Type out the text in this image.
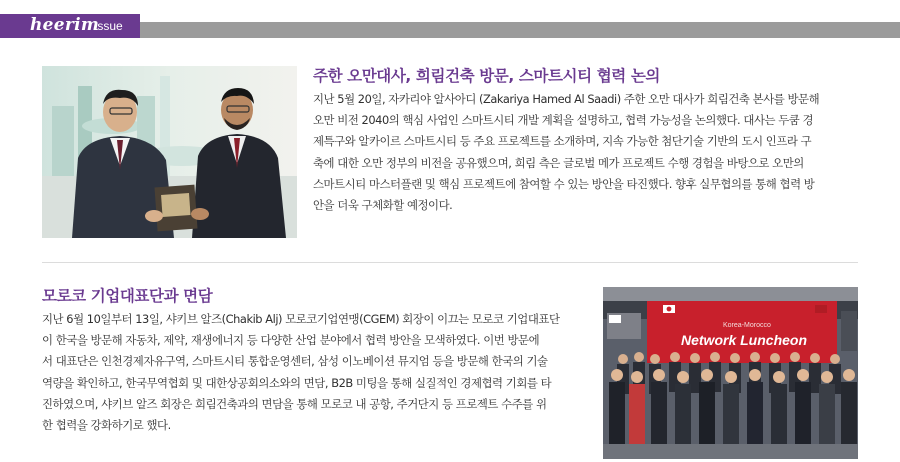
heerim
Issue
주한 오만대사, 희림건축 방문, 스마트시티 협력 논의
지난 5월 20일, 자카리야 알사아디 (Zakariya Hamed Al Saadi) 주한 오만 대사가 희림건축 본사를 방문해
오만 비전 2040의 핵심 사업인 스마트시티 개발 계획을 설명하고, 협력 가능성을 논의했다. 대사는 두쿰 경
제특구와 알카이르 스마트시티 등 주요 프로젝트를 소개하며, 지속 가능한 첨단기술 기반의 도시 인프라 구
축에 대한 오만 정부의 비전을 공유했으며, 희림 측은 글로벌 메가 프로젝트 수행 경험을 바탕으로 오만의
스마트시티 마스터플랜 및 핵심 프로젝트에 참여할 수 있는 방안을 타진했다. 향후 실무협의를 통해 협력 방
안을 더욱 구체화할 예정이다.
모로코 기업대표단과 면담
지난 6월 10일부터 13일, 샤키브 알즈(Chakib Alj) 모로코기업연맹(CGEM) 회장이 이끄는 모로코 기업대표단
이 한국을 방문해 자동차, 제약, 재생에너지 등 다양한 산업 분야에서 협력 방안을 모색하였다. 이번 방문에
서 대표단은 인천경제자유구역, 스마트시티 통합운영센터, 삼성 이노베이션 뮤지엄 등을 방문해 한국의 기술
역량을 확인하고, 한국무역협회 및 대한상공회의소와의 면담, B2B 미팅을 통해 실질적인 경제협력 기회를 타
진하였으며, 샤키브 알즈 회장은 희림건축과의 면담을 통해 모로코 내 공항, 주거단지 등 프로젝트 수주를 위
한 협력을 강화하기로 했다.
Korea-Morocco
Network Luncheon
